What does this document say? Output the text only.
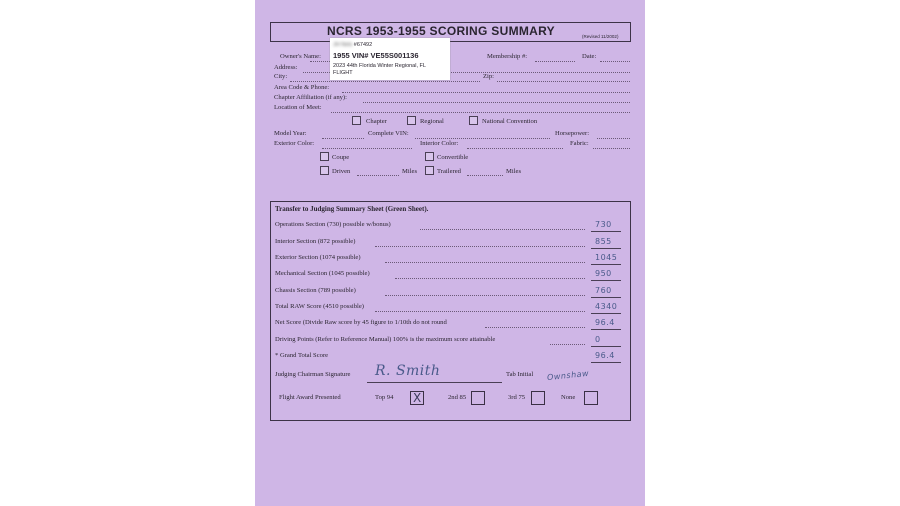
NCRS 1953-1955 SCORING SUMMARY	(Revised 11/2002)
Owner's Name:	Membership #:	Date:
Address:
City:	Zip:
Area Code & Phone:
Chapter Affiliation (if any):
Location of Meet:
Chapter	Regional	National Convention
Model Year:	Complete VIN:	Horsepower:
Exterior Color:	Interior Color:	Fabric:
Coupe	Convertible
Driven	Miles	Trailered	Miles
JH Nels #67492
1955 VIN# VE55S001136
2023 44th Florida Winter Regional, FL
FLIGHT
Transfer to Judging Summary Sheet (Green Sheet).
Operations Section (730) possible w/bonus)	730
Interior Section (872 possible)	855
Exterior Section (1074 possible)	1045
Mechanical Section (1045 possible)	950
Chassis Section (789 possible)	760
Total RAW Score (4510 possible)	4340
Net Score (Divide Raw score by 45 figure to 1/10th do not round	96.4
Driving Points (Refer to Reference Manual) 100% is the maximum score attainable	0
* Grand Total Score	96.4
Judging Chairman Signature R. Smith	Tab Initial Ownshaw
Flight Award Presented	Top 94 X	2nd 85	3rd 75	None
